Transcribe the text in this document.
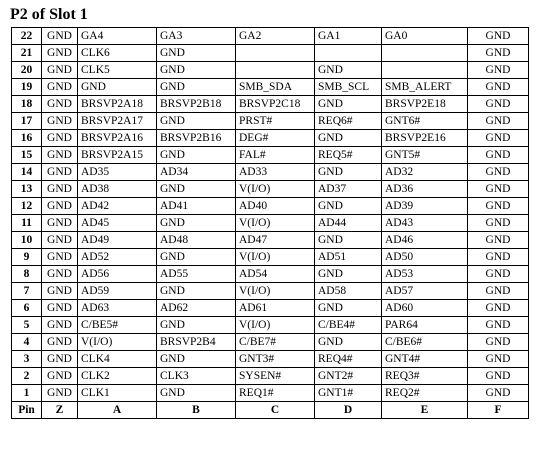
P2 of Slot 1
22	GND	GA4	GA3	GA2	GA1	GA0	GND
21	GND	CLK6	GND				GND
20	GND	CLK5	GND		GND		GND
19	GND	GND	GND	SMB_SDA	SMB_SCL	SMB_ALERT	GND
18	GND	BRSVP2A18	BRSVP2B18	BRSVP2C18	GND	BRSVP2E18	GND
17	GND	BRSVP2A17	GND	PRST#	REQ6#	GNT6#	GND
16	GND	BRSVP2A16	BRSVP2B16	DEG#	GND	BRSVP2E16	GND
15	GND	BRSVP2A15	GND	FAL#	REQ5#	GNT5#	GND
14	GND	AD35	AD34	AD33	GND	AD32	GND
13	GND	AD38	GND	V(I/O)	AD37	AD36	GND
12	GND	AD42	AD41	AD40	GND	AD39	GND
11	GND	AD45	GND	V(I/O)	AD44	AD43	GND
10	GND	AD49	AD48	AD47	GND	AD46	GND
9	GND	AD52	GND	V(I/O)	AD51	AD50	GND
8	GND	AD56	AD55	AD54	GND	AD53	GND
7	GND	AD59	GND	V(I/O)	AD58	AD57	GND
6	GND	AD63	AD62	AD61	GND	AD60	GND
5	GND	C/BE5#	GND	V(I/O)	C/BE4#	PAR64	GND
4	GND	V(I/O)	BRSVP2B4	C/BE7#	GND	C/BE6#	GND
3	GND	CLK4	GND	GNT3#	REQ4#	GNT4#	GND
2	GND	CLK2	CLK3	SYSEN#	GNT2#	REQ3#	GND
1	GND	CLK1	GND	REQ1#	GNT1#	REQ2#	GND
Pin	Z	A	B	C	D	E	F
